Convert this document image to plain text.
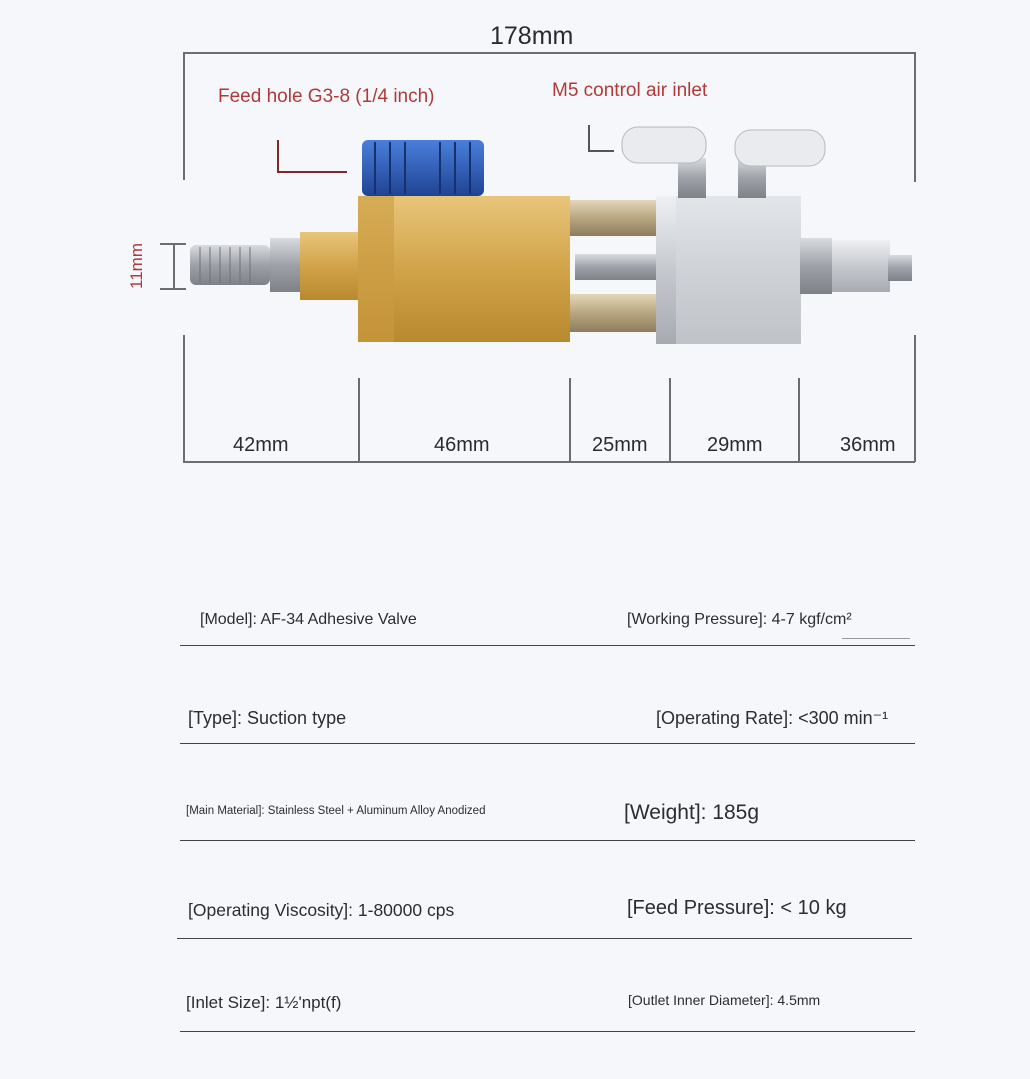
178mm
Feed hole G3-8 (1/4 inch)	M5 control air inlet
11mm
42mm	46mm	25mm	29mm	36mm
[Model]: AF-34 Adhesive Valve	[Working Pressure]: 4-7 kgf/cm²
[Type]: Suction type	[Operating Rate]: <300 min⁻¹
[Main Material]: Stainless Steel + Aluminum Alloy Anodized	[Weight]: 185g
[Operating Viscosity]: 1-80000 cps	[Feed Pressure]: < 10 kg
[Inlet Size]: 1½'npt(f)	[Outlet Inner Diameter]: 4.5mm
